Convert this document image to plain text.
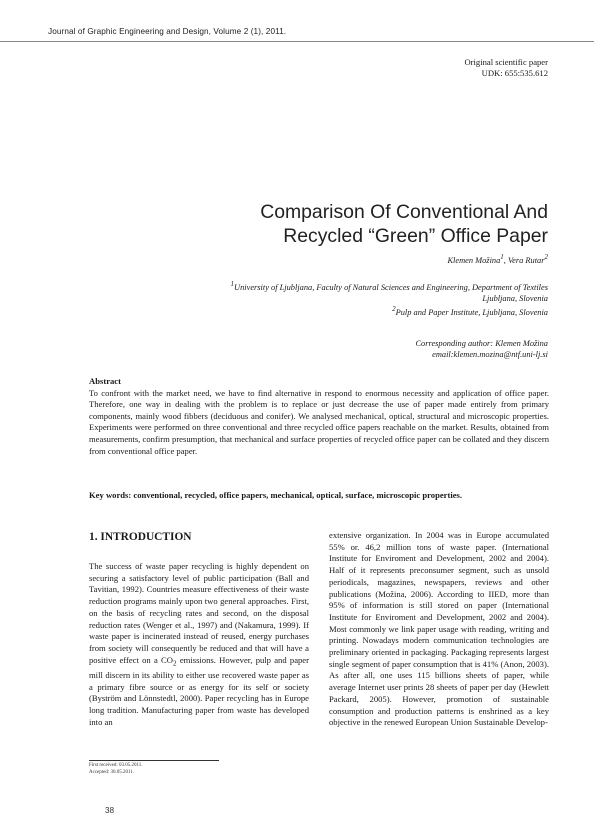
Journal of Graphic Engineering and Design, Volume 2 (1), 2011.
Original scientific paper
UDK: 655:535.612
Comparison Of Conventional And
Recycled “Green” Office Paper
Klemen Možina$^1$, Vera Rutar$^2$
$^1$University of Ljubljana, Faculty of Natural Sciences and Engineering, Department of Textiles
Ljubljana, Slovenia
$^2$Pulp and Paper Institute, Ljubljana, Slovenia
Corresponding author: Klemen Možina
email:klemen.mozina@ntf.uni-lj.si
Abstract

To confront with the market need, we have to find alternative in respond to enormous necessity and application of office paper. Therefore, one way in dealing with the problem is to replace or just decrease the use of paper made entirely from primary components, mainly wood fibbers (deciduous and conifer). We analysed mechanical, optical, structural and microscopic properties. Experiments were performed on three conventional and three recycled office papers reachable on the market. Results, obtained from measurements, confirm presumption, that mechanical and surface properties of recycled office paper can be collated and they discern from conventional office paper.

Key words: conventional, recycled, office papers, mechanical, optical, surface, microscopic properties.
1. INTRODUCTION

The success of waste paper recycling is highly dependent on securing a satisfactory level of public participation (Ball and Tavitian, 1992). Countries measure effectiveness of their waste reduction programs mainly upon two general approaches. First, on the basis of recycling rates and second, on the disposal reduction rates (Wenger et al., 1997) and (Nakamura, 1999). If waste paper is incinerated instead of reused, energy purchases from society will consequently be reduced and that will have a positive effect on a $CO_2$ emissions. However, pulp and paper mill discern in its ability to either use recovered waste paper as a primary fibre source or as energy for its self or society (Byström and Lönnstedtl, 2000). Paper recycling has in Europe long tradition. Manufacturing paper from waste has developed into an

extensive organization. In 2004 was in Europe accumulated 55% or. 46,2 million tons of waste paper. (International Institute for Enviroment and Development, 2002 and 2004). Half of it represents preconsumer segment, such as unsold periodicals, magazines, newspapers, reviews and other publications (Možina, 2006). According to IIED, more than 95% of information is still stored on paper (International Institute for Enviroment and Development, 2002 and 2004). Most commonly we link paper usage with reading, writing and printing. Nowadays modern communication technologies are preliminary oriented in packaging. Packaging represents largest single segment of paper consumption that is 41% (Anon, 2003). As after all, one uses 115 billions sheets of paper, while average Internet user prints 28 sheets of paper per day (Hewlett Packard, 2005). However, promotion of sustainable consumption and production patterns is enshrined as a key objective in the renewed European Union Sustainable Develop-

First received: 03.05.2011.
Accepted: 30.05.2011.
38
